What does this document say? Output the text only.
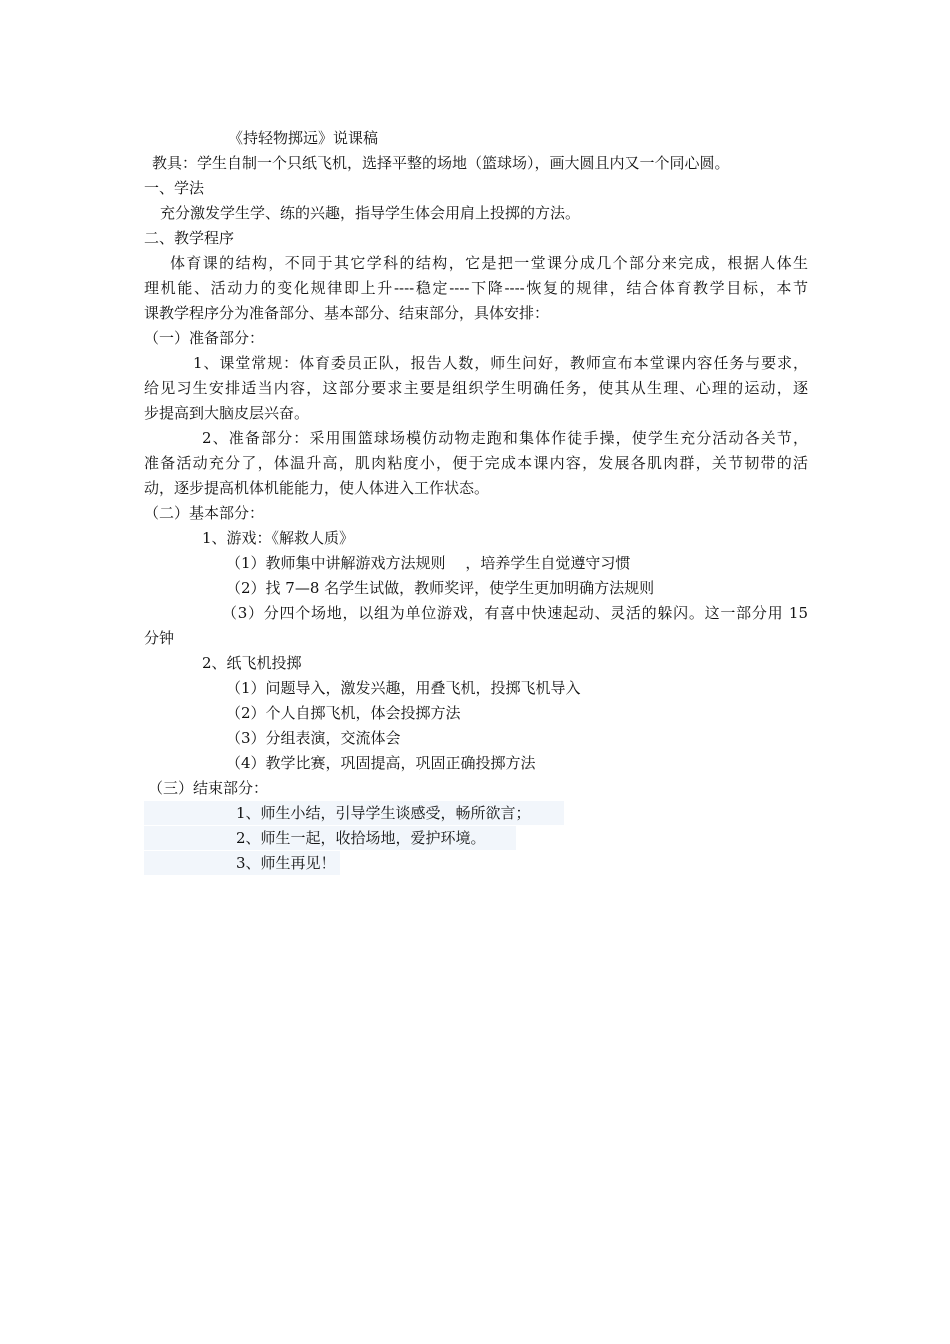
《持轻物掷远》说课稿
教具：学生自制一个只纸飞机，选择平整的场地（篮球场），画大圆且内又一个同心圆。
一、学法
充分激发学生学、练的兴趣，指导学生体会用肩上投掷的方法。
二、教学程序
体育课的结构，不同于其它学科的结构，它是把一堂课分成几个部分来完成，根据人体生
理机能、活动力的变化规律即上升----稳定----下降----恢复的规律，结合体育教学目标，本节
课教学程序分为准备部分、基本部分、结束部分，具体安排：
（一）准备部分：
1、课堂常规：体育委员正队，报告人数，师生问好，教师宣布本堂课内容任务与要求，
给见习生安排适当内容，这部分要求主要是组织学生明确任务，使其从生理、心理的运动，逐
步提高到大脑皮层兴奋。
2、准备部分：采用围篮球场模仿动物走跑和集体作徒手操，使学生充分活动各关节，
准备活动充分了，体温升高，肌肉粘度小，便于完成本课内容，发展各肌肉群，关节韧带的活
动，逐步提高机体机能能力，使人体进入工作状态。
（二）基本部分：
1、游戏：《解救人质》
（1）教师集中讲解游戏方法规则　 ，培养学生自觉遵守习惯
（2）找 7—8 名学生试做，教师奖评，使学生更加明确方法规则
（3）分四个场地，以组为单位游戏，有喜中快速起动、灵活的躲闪。这一部分用 15
分钟
2、纸飞机投掷
（1）问题导入，激发兴趣，用叠飞机，投掷飞机导入
（2）个人自掷飞机，体会投掷方法
（3）分组表演，交流体会
（4）教学比赛，巩固提高，巩固正确投掷方法
（三）结束部分：
1、师生小结，引导学生谈感受，畅所欲言；
2、师生一起，收拾场地，爱护环境。
3、师生再见！
